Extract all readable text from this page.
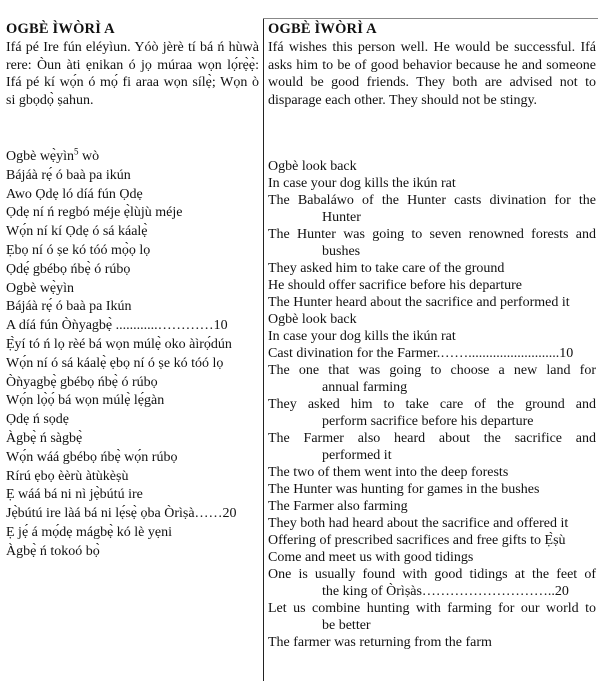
OGBÈ ÌWÒRÌ A
Ifá pé Ire fún eléyìun. Yóò jèrè tí bá ń hùwà rere: Òun àti ẹnikan ó jọ múraa wọn lọ́rẹ̀ẹ̀: Ifá pé kí wọ́n ó mọ́ fi araa wọn sílẹ̀; Wọn ò si gbọdọ̀ ṣahun.
Ogbè wẹ̀yìn$^5$ wò
Bájáà rẹ́ ó baà pa ikún
Awo Ọdẹ ló díá fún Ọdẹ
Ọdẹ ní ń regbó méje ẹ̀lùjù méje
Wọ́n ní kí Ọdẹ ó sá káalẹ̀
Ẹbọ ní ó ṣe kó tóó mọ̀ọ lọ
Ọdẹ́ gbébọ ńbẹ̀ ó rúbọ
Ogbè wẹ̀yìn
Bájáà rẹ́ ó baà pa Ikún
A díá fún Òǹyagbẹ̀ ............…………10
Ẹ̀yí tó ń lọ rèé bá wọn múlẹ̀ oko àìrọ́dún
Wọ́n ní ó sá káalẹ̀ ẹbọ ní ó ṣe kó tóó lọ
Òǹyagbẹ̀ gbébọ ńbẹ̀ ó rúbọ
Wọ́n lọ̀ọ́ bá wọn múlẹ̀ lẹ́gàn
Ọdẹ ń sọdẹ
Àgbẹ̀ ń sàgbẹ̀
Wọ́n wáá gbébọ ńbẹ̀ wọ́n rúbọ
Rírú ẹbọ èèrù àtùkèṣù
Ẹ wáá bá ni nì jẹ̀bútú ire
Jẹ̀bútú ire làá bá ni lẹ́sẹ̀ ọba Òrìṣà……20
Ẹ jẹ́ á mọ́dẹ mágbẹ̀ kó lè yẹni
Àgbẹ̀ ń tokoó bọ̀
OGBÈ ÌWÒRÌ A
Ifá wishes this person well. He would be successful. Ifá asks him to be of good behavior because he and someone would be good friends. They both are advised not to disparage each other. They should not be stingy.
Ogbè look back
In case your dog kills the ikún rat
The Babaláwo of the Hunter casts divination for the
Hunter
The Hunter was going to seven renowned forests and
bushes
They asked him to take care of the ground
He should offer sacrifice before his departure
The Hunter heard about the sacrifice and performed it
Ogbè look back
In case your dog kills the ikún rat
Cast divination for the Farmer.……..........................10
The one that was going to choose a new land for
annual farming
They asked him to take care of the ground and
perform sacrifice before his departure
The Farmer also heard about the sacrifice and
performed it
The two of them went into the deep forests
The Hunter was hunting for games in the bushes
The Farmer also farming
They both had heard about the sacrifice and offered it
Offering of prescribed sacrifices and free gifts to Ẹ̀ṣù
Come and meet us with good tidings
One is usually found with good tidings at the feet of
the king of Òrìṣàs………………………..20
Let us combine hunting with farming for our world to
be better
The farmer was returning from the farm
